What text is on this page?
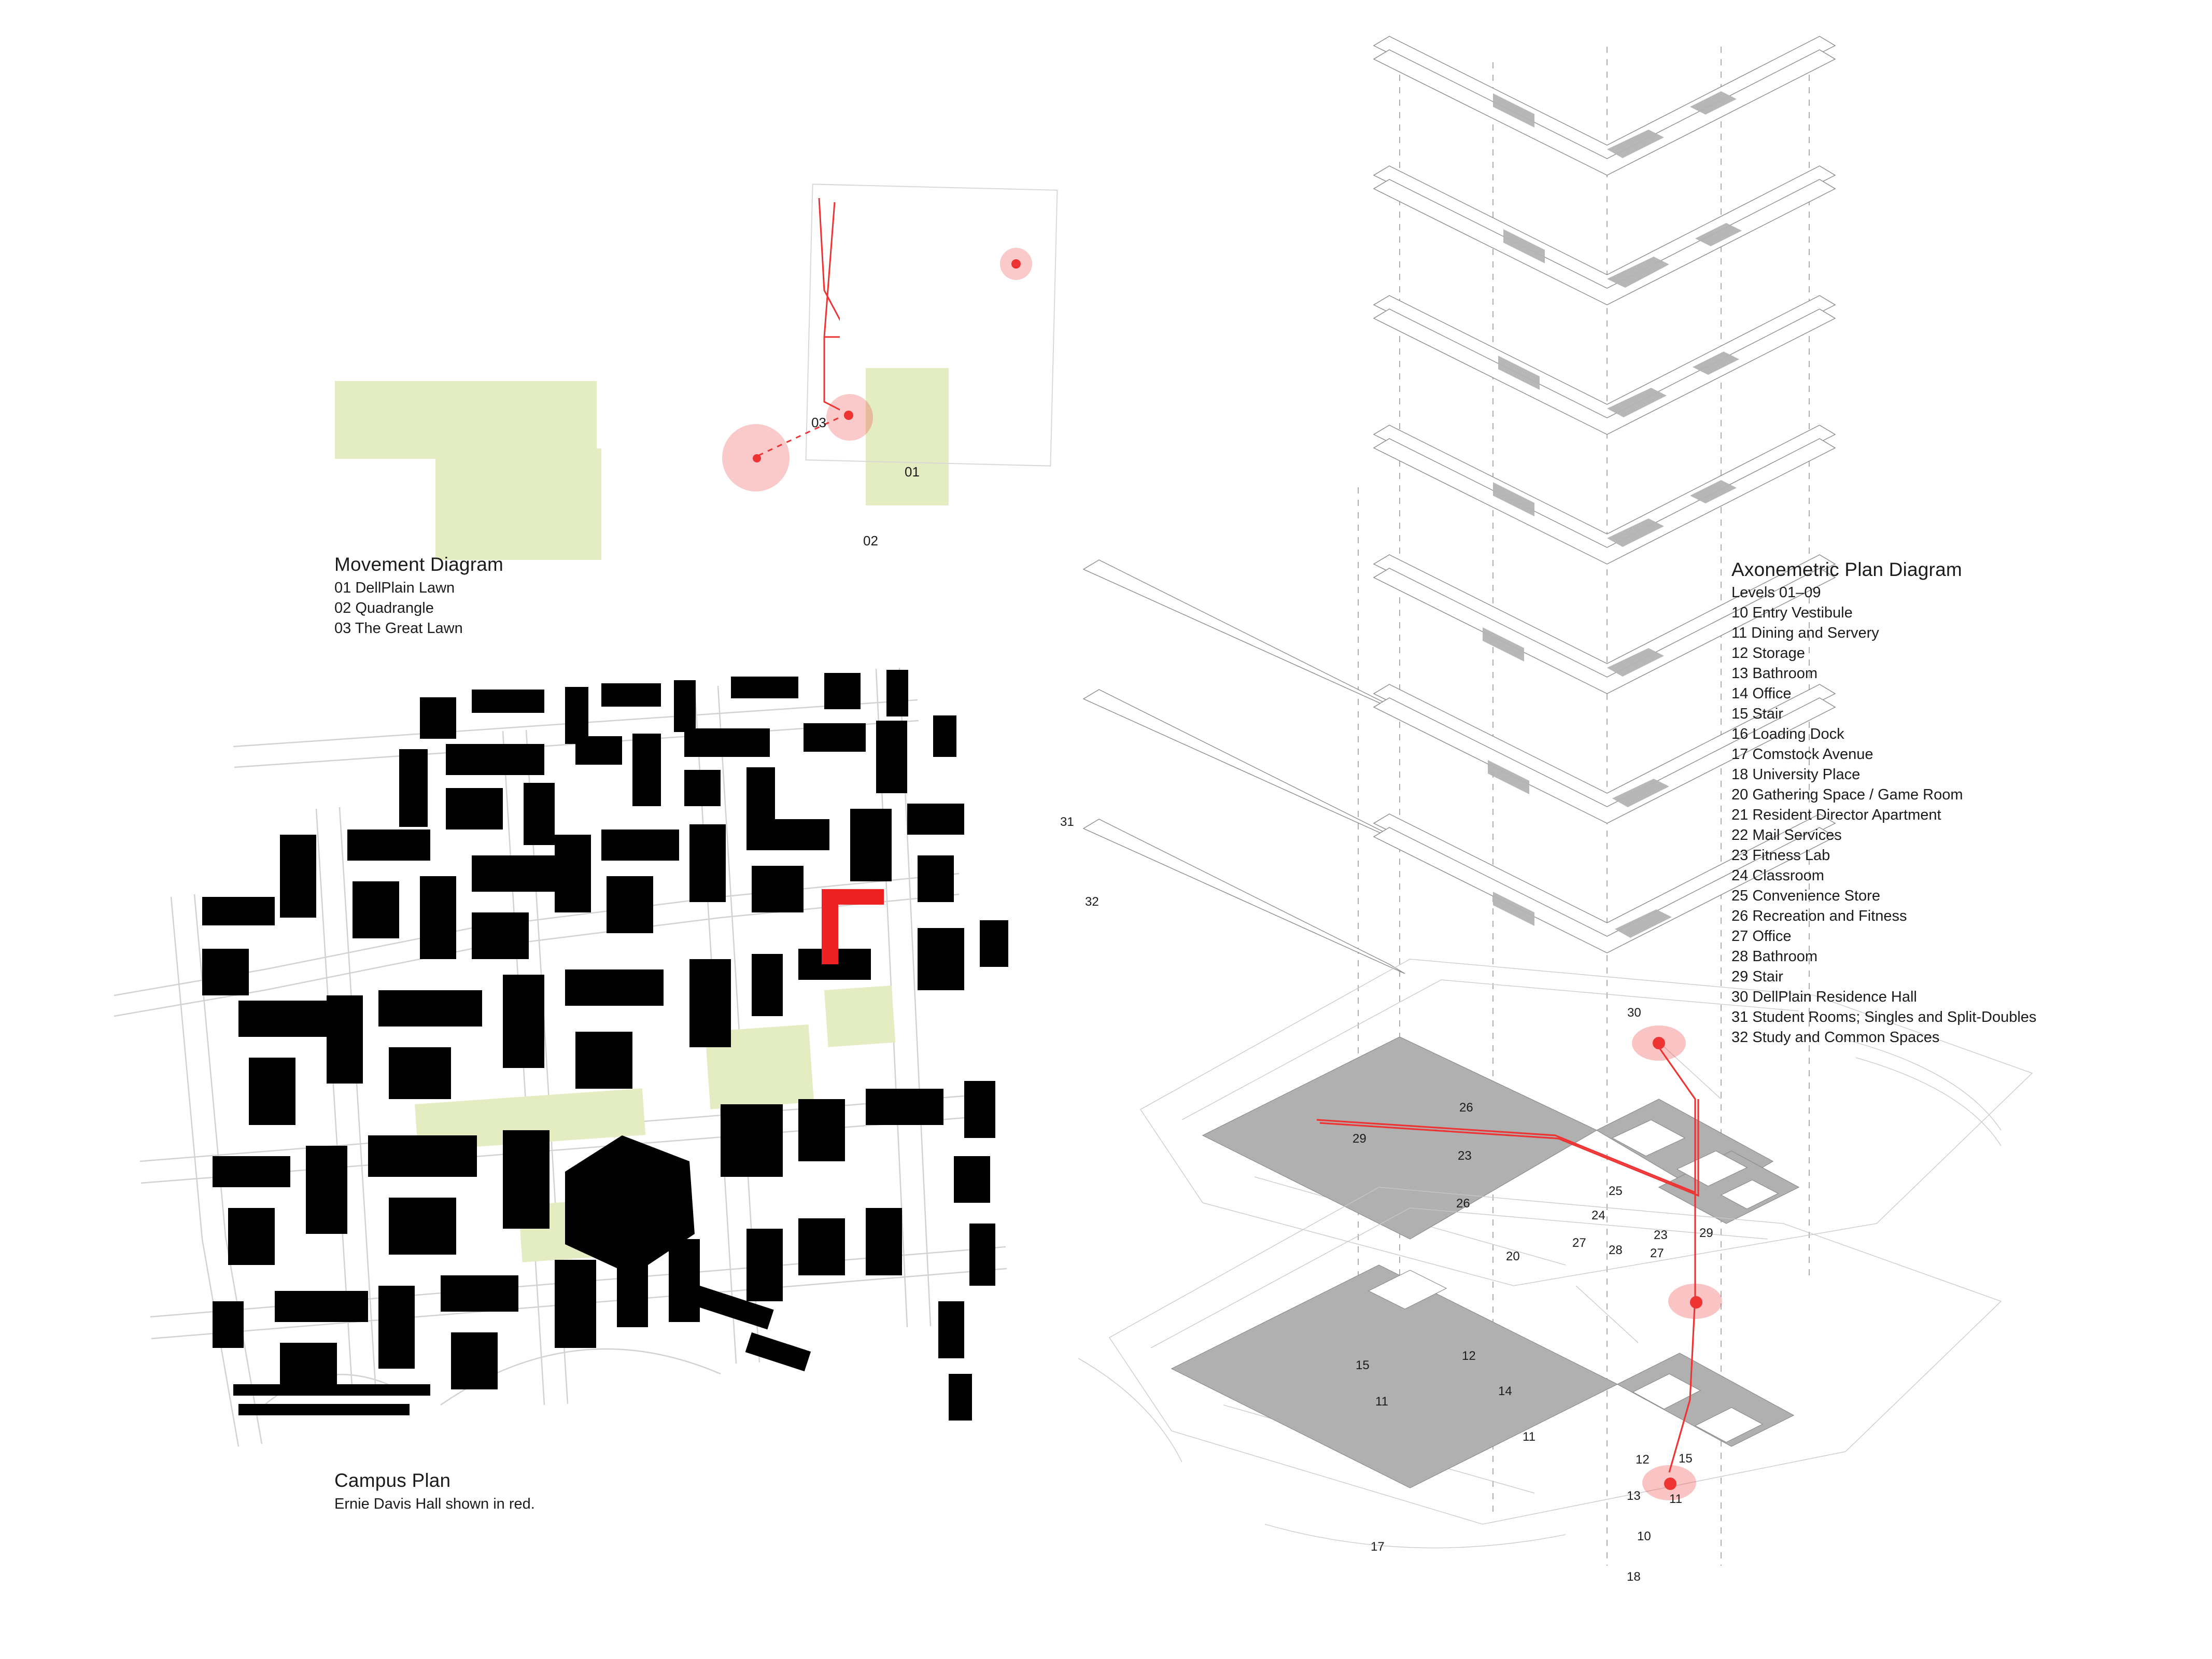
03
02
01
Movement Diagram
01 DellPlain Lawn
02 Quadrangle
03 The Great Lawn
Campus Plan
Ernie Davis Hall shown in red.
31
32
30
26
29
23
26
25
24
23	29
27
28 27
20
15
12
11
14
11
12 15
13 11
17
10
18
Axonemetric Plan Diagram
Levels 01–09
10 Entry Vestibule
11 Dining and Servery
12 Storage
13 Bathroom
14 Office
15 Stair
16 Loading Dock
17 Comstock Avenue
18 University Place
20 Gathering Space / Game Room
21 Resident Director Apartment
22 Mail Services
23 Fitness Lab
24 Classroom
25 Convenience Store
26 Recreation and Fitness
27 Office
28 Bathroom
29 Stair
30 DellPlain Residence Hall
31 Student Rooms; Singles and Split-Doubles
32 Study and Common Spaces
